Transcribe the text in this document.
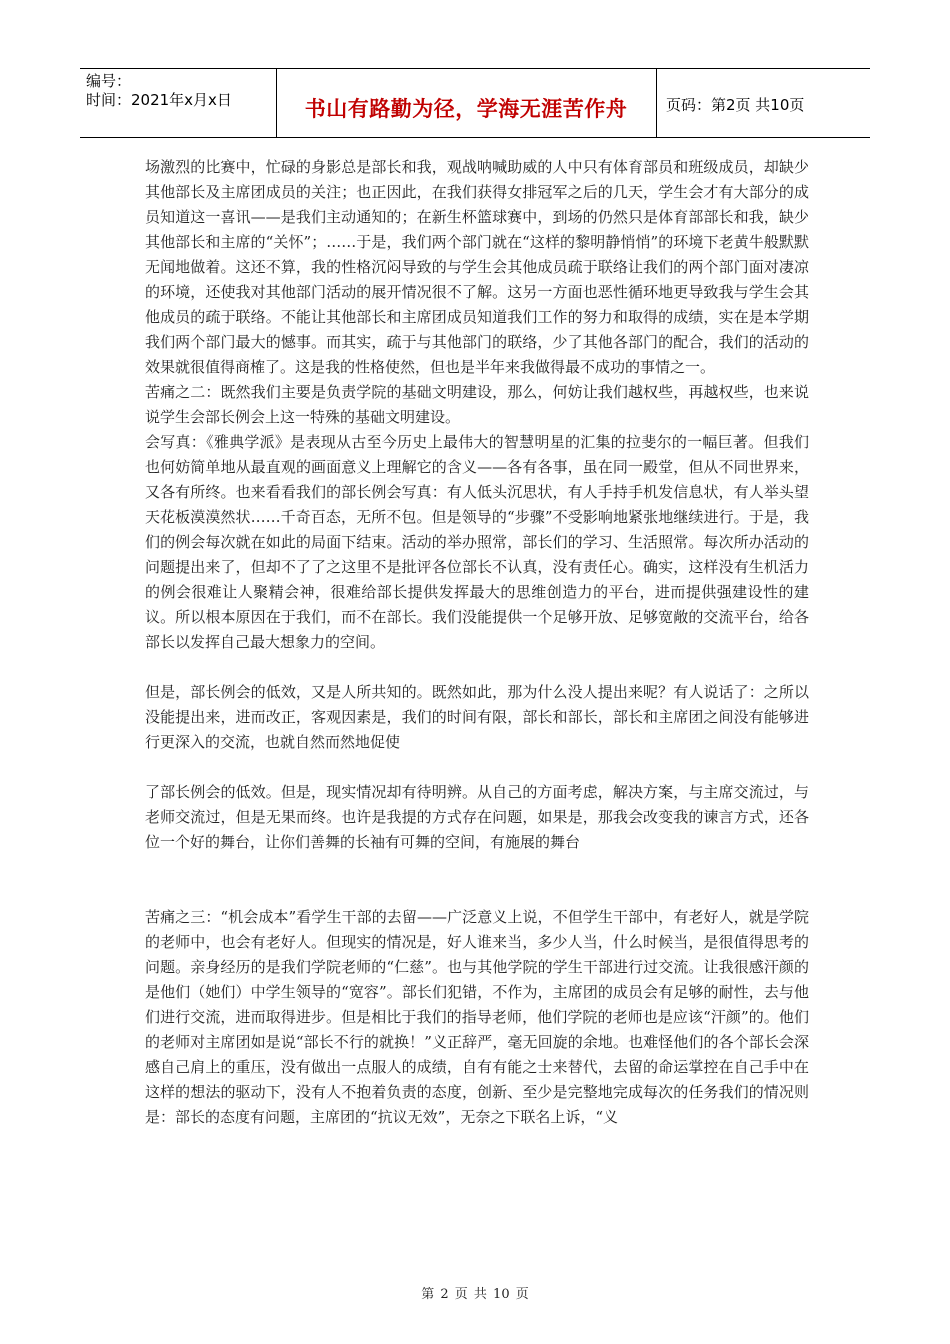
编号：
时间：2021年x月x日	书山有路勤为径，学海无涯苦作舟	页码：第2页 共10页

场激烈的比赛中，忙碌的身影总是部长和我，观战呐喊助威的人中只有体育部员和班级成员，却缺少其他部长及主席团成员的关注；也正因此，在我们获得女排冠军之后的几天，学生会才有大部分的成员知道这一喜讯——是我们主动通知的；在新生杯篮球赛中，到场的仍然只是体育部部长和我，缺少其他部长和主席的“关怀”；……于是，我们两个部门就在“这样的黎明静悄悄”的环境下老黄牛般默默无闻地做着。这还不算，我的性格沉闷导致的与学生会其他成员疏于联络让我们的两个部门面对凄凉的环境，还使我对其他部门活动的展开情况很不了解。这另一方面也恶性循环地更导致我与学生会其他成员的疏于联络。不能让其他部长和主席团成员知道我们工作的努力和取得的成绩，实在是本学期我们两个部门最大的憾事。而其实，疏于与其他部门的联络，少了其他各部门的配合，我们的活动的效果就很值得商榷了。这是我的性格使然，但也是半年来我做得最不成功的事情之一。

苦痛之二：既然我们主要是负责学院的基础文明建设，那么，何妨让我们越权些，再越权些，也来说说学生会部长例会上这一特殊的基础文明建设。

会写真：《雅典学派》是表现从古至今历史上最伟大的智慧明星的汇集的拉斐尔的一幅巨著。但我们也何妨简单地从最直观的画面意义上理解它的含义——各有各事，虽在同一殿堂，但从不同世界来，又各有所终。也来看看我们的部长例会写真：有人低头沉思状，有人手持手机发信息状，有人举头望天花板漠漠然状……千奇百态，无所不包。但是领导的“步骤”不受影响地紧张地继续进行。于是，我们的例会每次就在如此的局面下结束。活动的举办照常，部长们的学习、生活照常。每次所办活动的问题提出来了，但却不了了之这里不是批评各位部长不认真，没有责任心。确实，这样没有生机活力的例会很难让人聚精会神，很难给部长提供发挥最大的思维创造力的平台，进而提供强建设性的建议。所以根本原因在于我们，而不在部长。我们没能提供一个足够开放、足够宽敞的交流平台，给各部长以发挥自己最大想象力的空间。

但是，部长例会的低效，又是人所共知的。既然如此，那为什么没人提出来呢？有人说话了：之所以没能提出来，进而改正，客观因素是，我们的时间有限，部长和部长，部长和主席团之间没有能够进行更深入的交流，也就自然而然地促使

了部长例会的低效。但是，现实情况却有待明辨。从自己的方面考虑，解决方案，与主席交流过，与老师交流过，但是无果而终。也许是我提的方式存在问题，如果是，那我会改变我的谏言方式，还各位一个好的舞台，让你们善舞的长袖有可舞的空间，有施展的舞台

苦痛之三：“机会成本”看学生干部的去留——广泛意义上说，不但学生干部中，有老好人，就是学院的老师中，也会有老好人。但现实的情况是，好人谁来当，多少人当，什么时候当，是很值得思考的问题。亲身经历的是我们学院老师的“仁慈”。也与其他学院的学生干部进行过交流。让我很感汗颜的是他们（她们）中学生领导的“宽容”。部长们犯错，不作为，主席团的成员会有足够的耐性，去与他们进行交流，进而取得进步。但是相比于我们的指导老师，他们学院的老师也是应该“汗颜”的。他们的老师对主席团如是说“部长不行的就换！”义正辞严，毫无回旋的余地。也难怪他们的各个部长会深感自己肩上的重压，没有做出一点服人的成绩，自有有能之士来替代，去留的命运掌控在自己手中在这样的想法的驱动下，没有人不抱着负责的态度，创新、至少是完整地完成每次的任务我们的情况则是：部长的态度有问题，主席团的“抗议无效”，无奈之下联名上诉，“义

第 2 页 共 10 页
